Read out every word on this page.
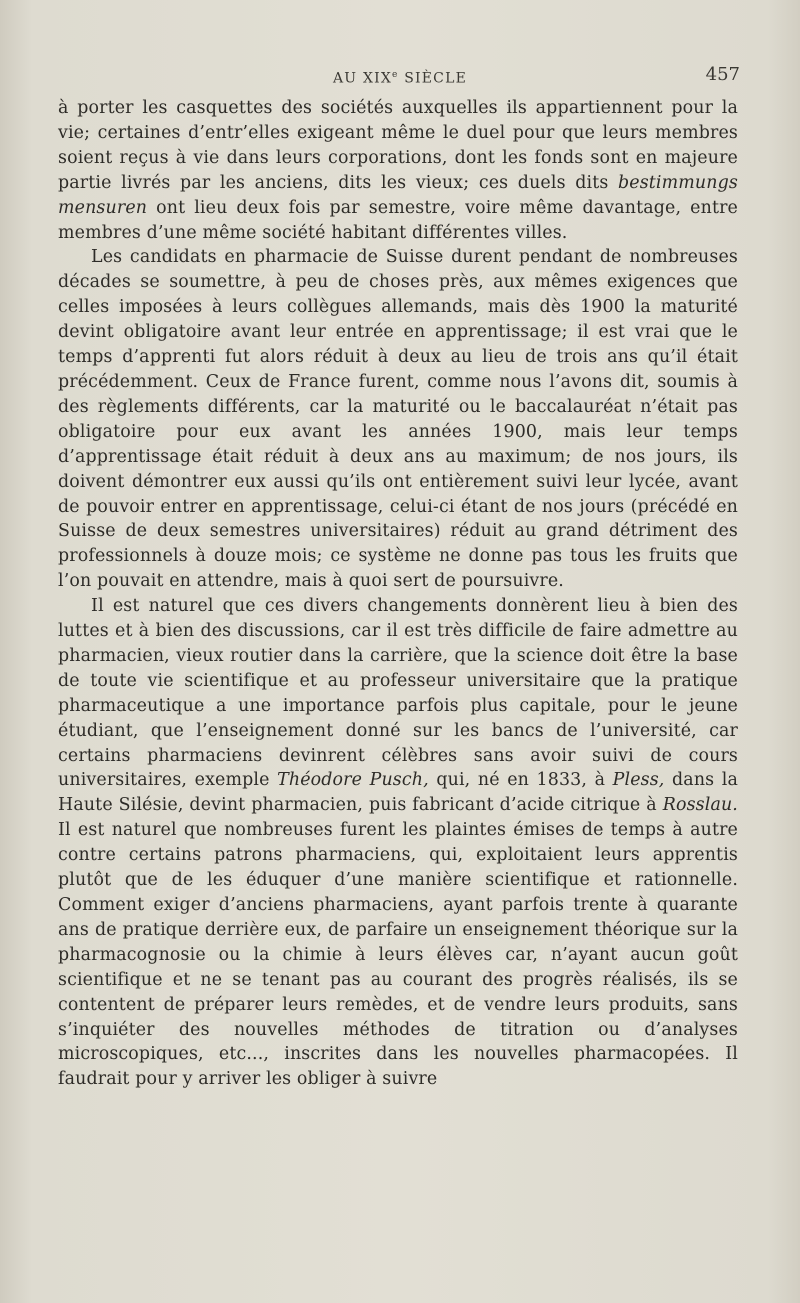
AU XIXe SIÈCLE	457

à porter les casquettes des sociétés auxquelles ils appartiennent pour la vie; certaines d’entr’elles exigeant même le duel pour que leurs membres soient reçus à vie dans leurs corporations, dont les fonds sont en majeure partie livrés par les anciens, dits les vieux; ces duels dits bestimmungs mensuren ont lieu deux fois par semestre, voire même davantage, entre membres d’une même société habitant différentes villes.

Les candidats en pharmacie de Suisse durent pendant de nombreuses décades se soumettre, à peu de choses près, aux mêmes exigences que celles imposées à leurs collègues allemands, mais dès 1900 la maturité devint obligatoire avant leur entrée en apprentissage; il est vrai que le temps d’apprenti fut alors réduit à deux au lieu de trois ans qu’il était précédemment. Ceux de France furent, comme nous l’avons dit, soumis à des règlements différents, car la maturité ou le baccalauréat n’était pas obligatoire pour eux avant les années 1900, mais leur temps d’apprentissage était réduit à deux ans au maximum; de nos jours, ils doivent démontrer eux aussi qu’ils ont entièrement suivi leur lycée, avant de pouvoir entrer en apprentissage, celui-ci étant de nos jours (précédé en Suisse de deux semestres universitaires) réduit au grand détriment des professionnels à douze mois; ce système ne donne pas tous les fruits que l’on pouvait en attendre, mais à quoi sert de poursuivre.

Il est naturel que ces divers changements donnèrent lieu à bien des luttes et à bien des discussions, car il est très difficile de faire admettre au pharmacien, vieux routier dans la carrière, que la science doit être la base de toute vie scientifique et au professeur universitaire que la pratique pharmaceutique a une importance parfois plus capitale, pour le jeune étudiant, que l’enseignement donné sur les bancs de l’université, car certains pharmaciens devinrent célèbres sans avoir suivi de cours universitaires, exemple Théodore Pusch, qui, né en 1833, à Pless, dans la Haute Silésie, devint pharmacien, puis fabricant d’acide citrique à Rosslau. Il est naturel que nombreuses furent les plaintes émises de temps à autre contre certains patrons pharmaciens, qui, exploitaient leurs apprentis plutôt que de les éduquer d’une manière scientifique et rationnelle. Comment exiger d’anciens pharmaciens, ayant parfois trente à quarante ans de pratique derrière eux, de parfaire un enseignement théorique sur la pharmacognosie ou la chimie à leurs élèves car, n’ayant aucun goût scientifique et ne se tenant pas au courant des progrès réalisés, ils se contentent de préparer leurs remèdes, et de vendre leurs produits, sans s’inquiéter des nouvelles méthodes de titration ou d’analyses microscopiques, etc..., inscrites dans les nouvelles pharmacopées. Il faudrait pour y arriver les obliger à suivre
